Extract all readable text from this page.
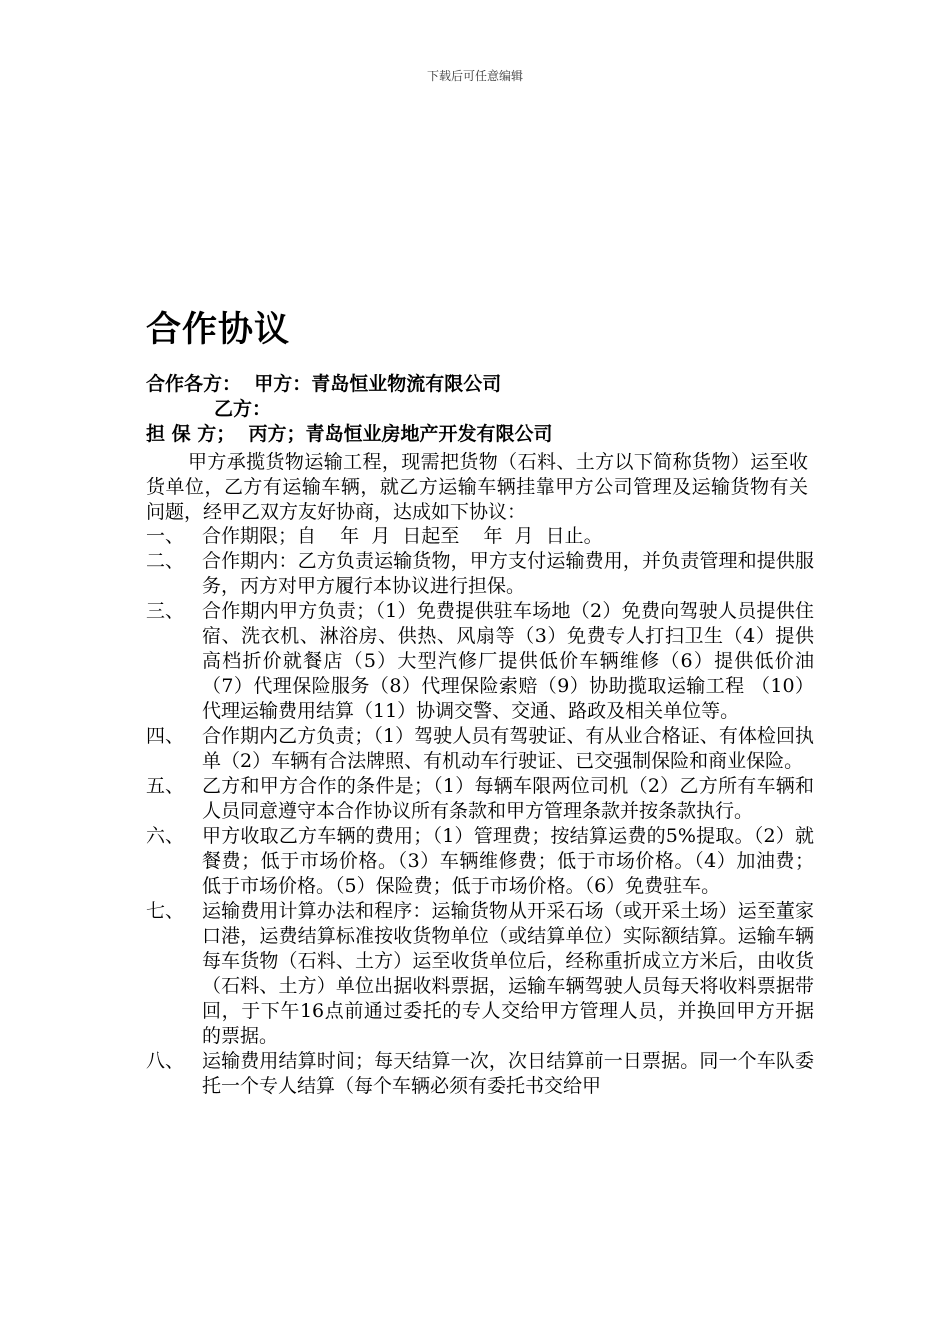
下载后可任意编辑
合作协议
合作各方：  甲方：青岛恒业物流有限公司
乙方：
担 保 方；  丙方；青岛恒业房地产开发有限公司

甲方承揽货物运输工程，现需把货物（石料、土方以下简称货物）运至收货单位，乙方有运输车辆，就乙方运输车辆挂靠甲方公司管理及运输货物有关问题，经甲乙双方友好协商，达成如下协议：

一、 合作期限；自    年  月  日起至    年  月  日止。
二、 合作期内：乙方负责运输货物，甲方支付运输费用，并负责管理和提供服务，丙方对甲方履行本协议进行担保。
三、 合作期内甲方负责；（1）免费提供驻车场地（2）免费向驾驶人员提供住宿、洗衣机、淋浴房、供热、风扇等（3）免费专人打扫卫生（4）提供高档折价就餐店（5）大型汽修厂提供低价车辆维修（6）提供低价油（7）代理保险服务（8）代理保险索赔（9）协助揽取运输工程 （10）代理运输费用结算（11）协调交警、交通、路政及相关单位等。
四、 合作期内乙方负责；（1）驾驶人员有驾驶证、有从业合格证、有体检回执单（2）车辆有合法牌照、有机动车行驶证、已交强制保险和商业保险。
五、 乙方和甲方合作的条件是；（1）每辆车限两位司机（2）乙方所有车辆和人员同意遵守本合作协议所有条款和甲方管理条款并按条款执行。
六、 甲方收取乙方车辆的费用；（1）管理费；按结算运费的5%提取。（2）就餐费；低于市场价格。（3）车辆维修费；低于市场价格。（4）加油费；低于市场价格。（5）保险费；低于市场价格。（6）免费驻车。
七、 运输费用计算办法和程序：运输货物从开采石场（或开采土场）运至董家口港，运费结算标准按收货物单位（或结算单位）实际额结算。运输车辆每车货物（石料、土方）运至收货单位后，经称重折成立方米后，由收货（石料、土方）单位出据收料票据，运输车辆驾驶人员每天将收料票据带回，于下午16点前通过委托的专人交给甲方管理人员，并换回甲方开据的票据。
八、 运输费用结算时间；每天结算一次，次日结算前一日票据。同一个车队委托一个专人结算（每个车辆必须有委托书交给甲
